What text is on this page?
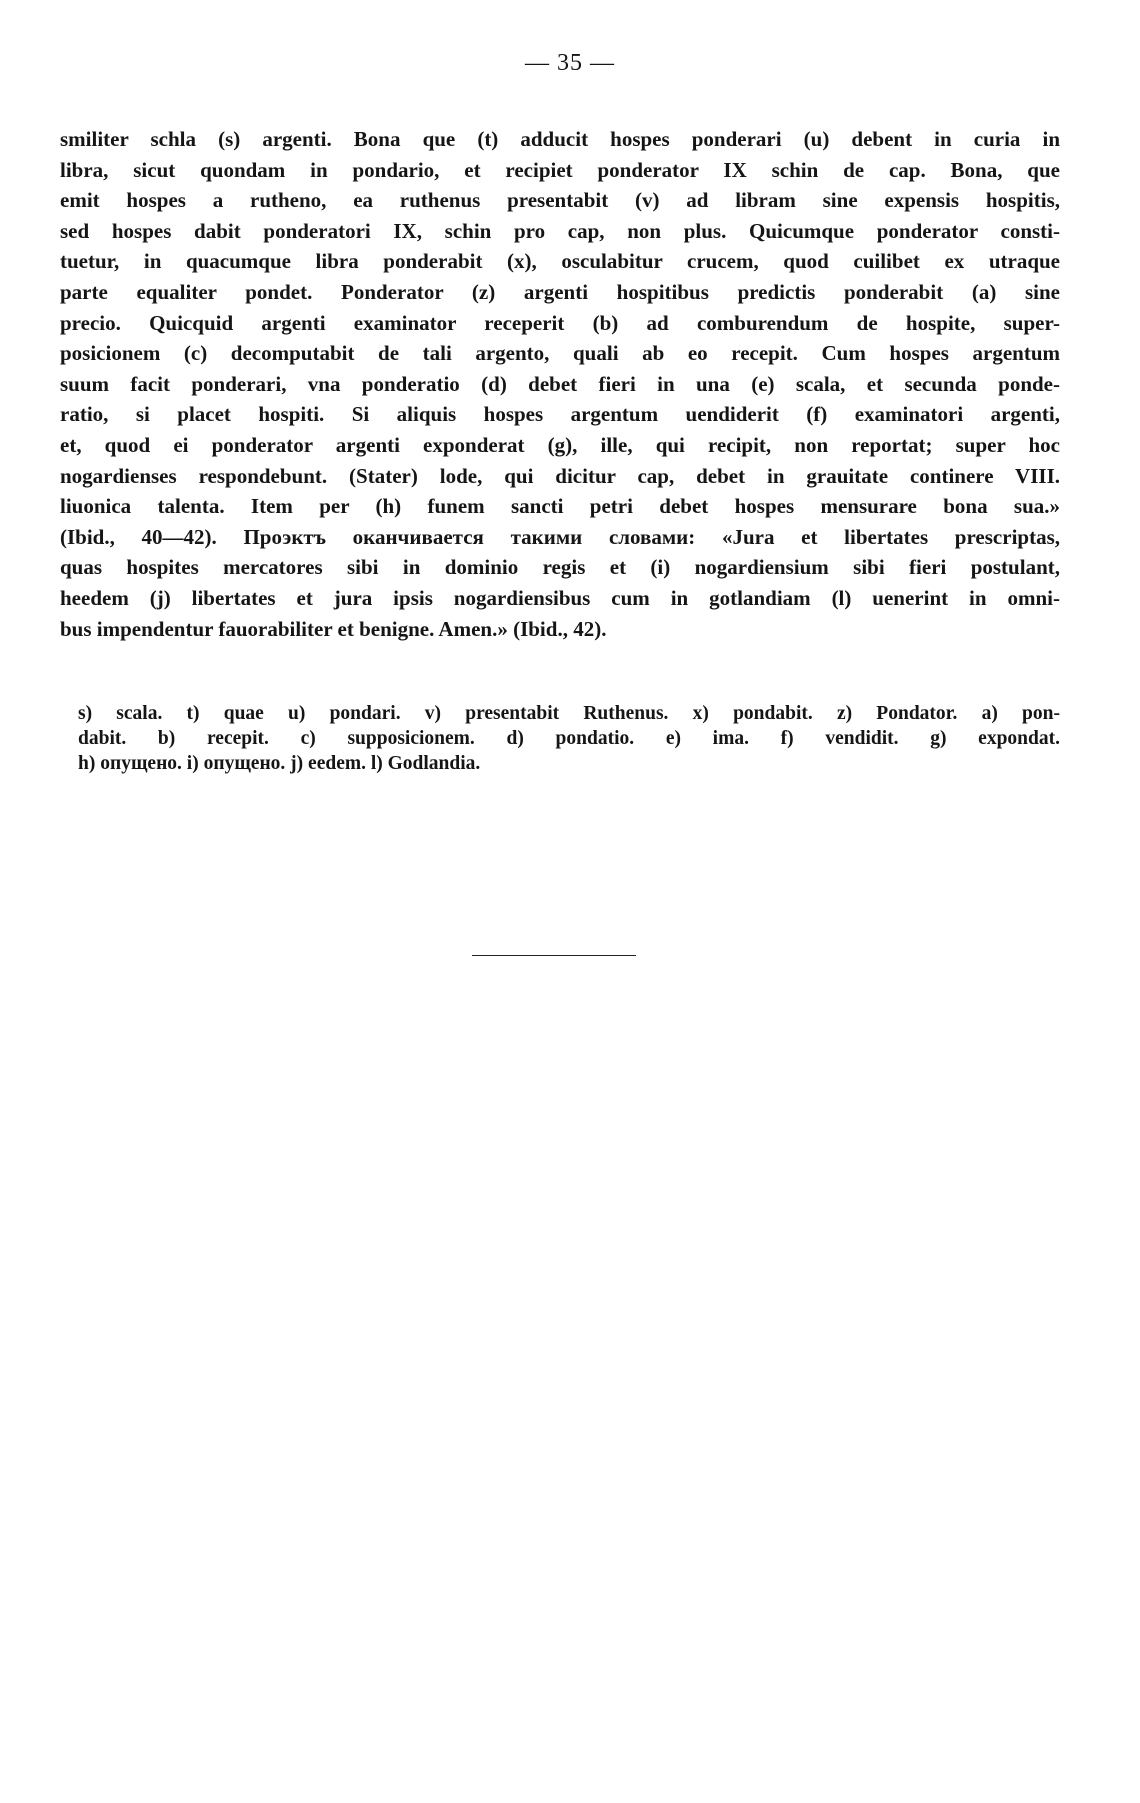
— 35 —
smiliter schla (s) argenti. Bona que (t) adducit hospes ponderari (u) debent in curia in
libra, sicut quondam in pondario, et recipiet ponderator IX schin de cap. Bona, que
emit hospes a rutheno, ea ruthenus presentabit (v) ad libram sine expensis hospitis,
sed hospes dabit ponderatori IX, schin pro cap, non plus. Quicumque ponderator consti-
tuetur, in quacumque libra ponderabit (x), osculabitur crucem, quod cuilibet ex utraque
parte equaliter pondet. Ponderator (z) argenti hospitibus predictis ponderabit (a) sine
precio. Quicquid argenti examinator receperit (b) ad comburendum de hospite, super-
posicionem (c) decomputabit de tali argento, quali ab eo recepit. Cum hospes argentum
suum facit ponderari, vna ponderatio (d) debet fieri in una (e) scala, et secunda ponde-
ratio, si placet hospiti. Si aliquis hospes argentum uendiderit (f) examinatori argenti,
et, quod ei ponderator argenti exponderat (g), ille, qui recipit, non reportat; super hoc
nogardienses respondebunt. (Stater) lode, qui dicitur cap, debet in grauitate continere VIII.
liuonica talenta. Item per (h) funem sancti petri debet hospes mensurare bona sua.»
(Ibid., 40—42). Проэктъ оканчивается такими словами: «Jura et libertates prescriptas,
quas hospites mercatores sibi in dominio regis et (i) nogardiensium sibi fieri postulant,
heedem (j) libertates et jura ipsis nogardiensibus cum in gotlandiam (l) uenerint in omni-
bus impendentur fauorabiliter et benigne. Amen.» (Ibid., 42).
s) scala. t) quae u) pondari. v) presentabit Ruthenus. x) pondabit. z) Pondator. a) pon-
dabit. b) recepit. c) supposicionem. d) pondatio. e) ima. f) vendidit. g) expondat.
h) опущено. i) опущено. j) eedem. l) Godlandia.
